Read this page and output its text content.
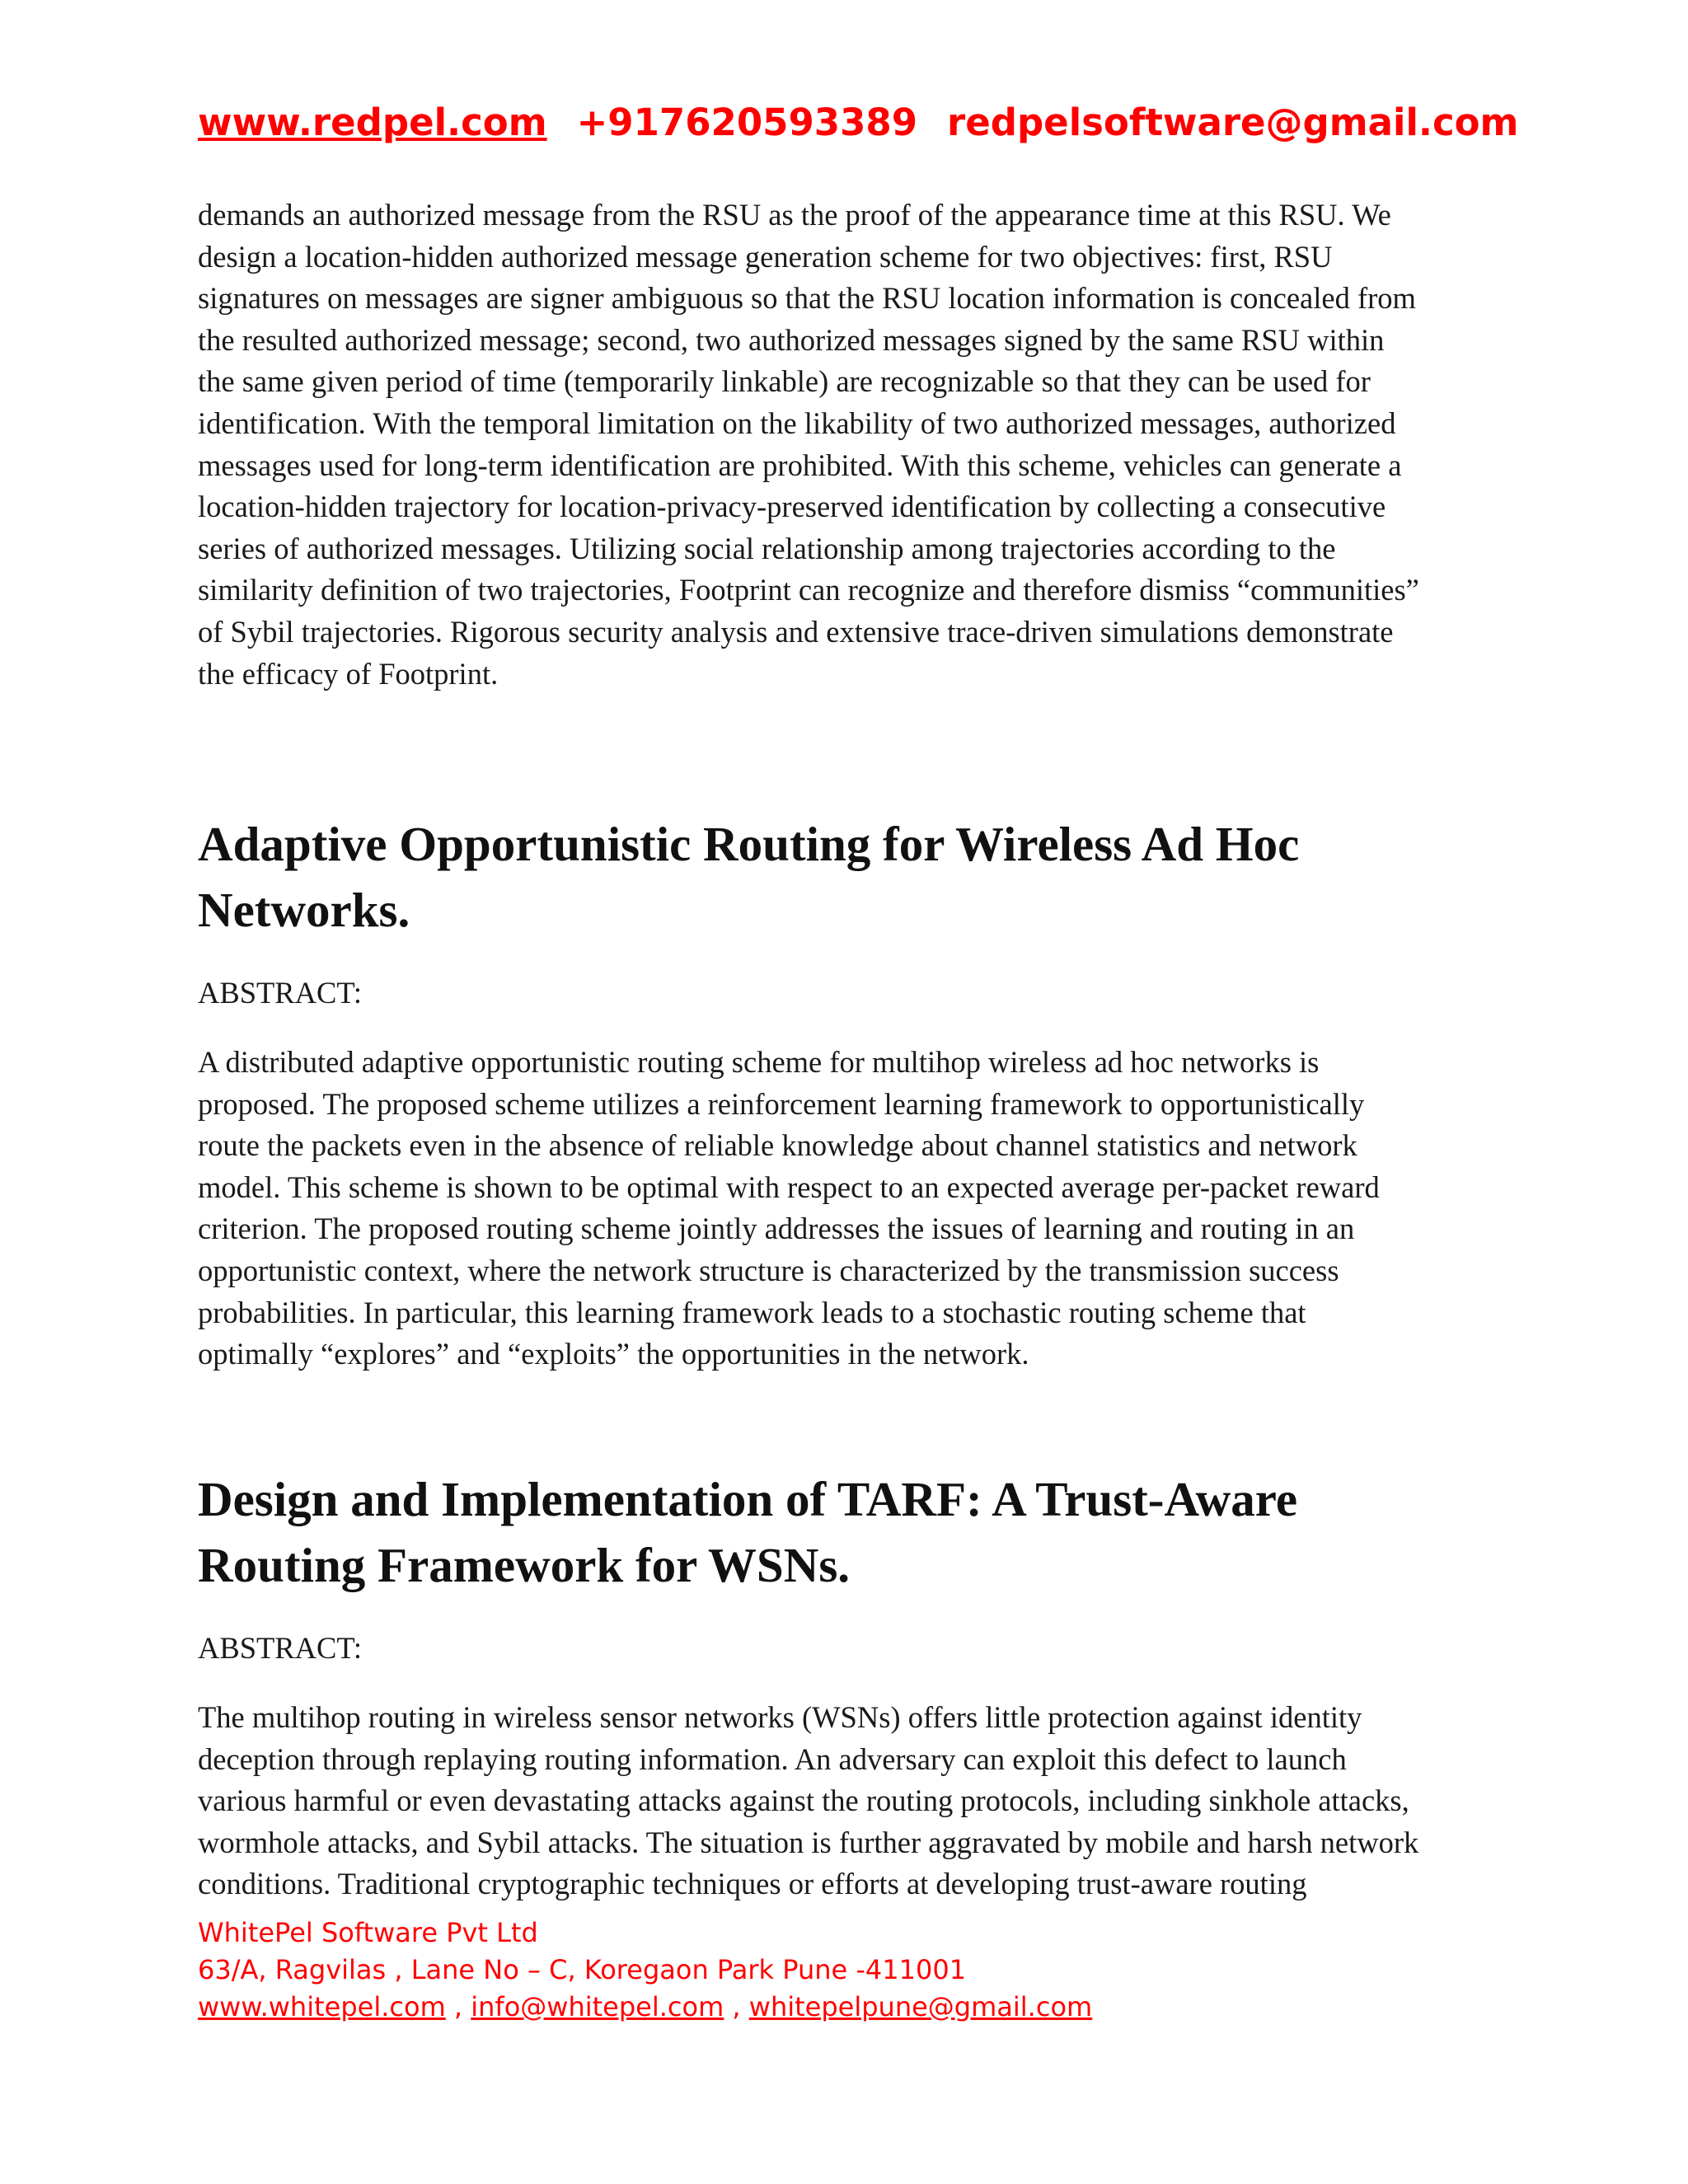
www.redpel.com +917620593389 redpelsoftware@gmail.com

demands an authorized message from the RSU as the proof of the appearance time at this RSU. We
design a location-hidden authorized message generation scheme for two objectives: first, RSU
signatures on messages are signer ambiguous so that the RSU location information is concealed from
the resulted authorized message; second, two authorized messages signed by the same RSU within
the same given period of time (temporarily linkable) are recognizable so that they can be used for
identification. With the temporal limitation on the likability of two authorized messages, authorized
messages used for long-term identification are prohibited. With this scheme, vehicles can generate a
location-hidden trajectory for location-privacy-preserved identification by collecting a consecutive
series of authorized messages. Utilizing social relationship among trajectories according to the
similarity definition of two trajectories, Footprint can recognize and therefore dismiss “communities”
of Sybil trajectories. Rigorous security analysis and extensive trace-driven simulations demonstrate
the efficacy of Footprint.

Adaptive Opportunistic Routing for Wireless Ad Hoc
Networks.

ABSTRACT:

A distributed adaptive opportunistic routing scheme for multihop wireless ad hoc networks is
proposed. The proposed scheme utilizes a reinforcement learning framework to opportunistically
route the packets even in the absence of reliable knowledge about channel statistics and network
model. This scheme is shown to be optimal with respect to an expected average per-packet reward
criterion. The proposed routing scheme jointly addresses the issues of learning and routing in an
opportunistic context, where the network structure is characterized by the transmission success
probabilities. In particular, this learning framework leads to a stochastic routing scheme that
optimally “explores” and “exploits” the opportunities in the network.

Design and Implementation of TARF: A Trust-Aware
Routing Framework for WSNs.

ABSTRACT:

The multihop routing in wireless sensor networks (WSNs) offers little protection against identity
deception through replaying routing information. An adversary can exploit this defect to launch
various harmful or even devastating attacks against the routing protocols, including sinkhole attacks,
wormhole attacks, and Sybil attacks. The situation is further aggravated by mobile and harsh network
conditions. Traditional cryptographic techniques or efforts at developing trust-aware routing

WhitePel Software Pvt Ltd
63/A, Ragvilas , Lane No – C, Koregaon Park Pune -411001
www.whitepel.com , info@whitepel.com , whitepelpune@gmail.com
